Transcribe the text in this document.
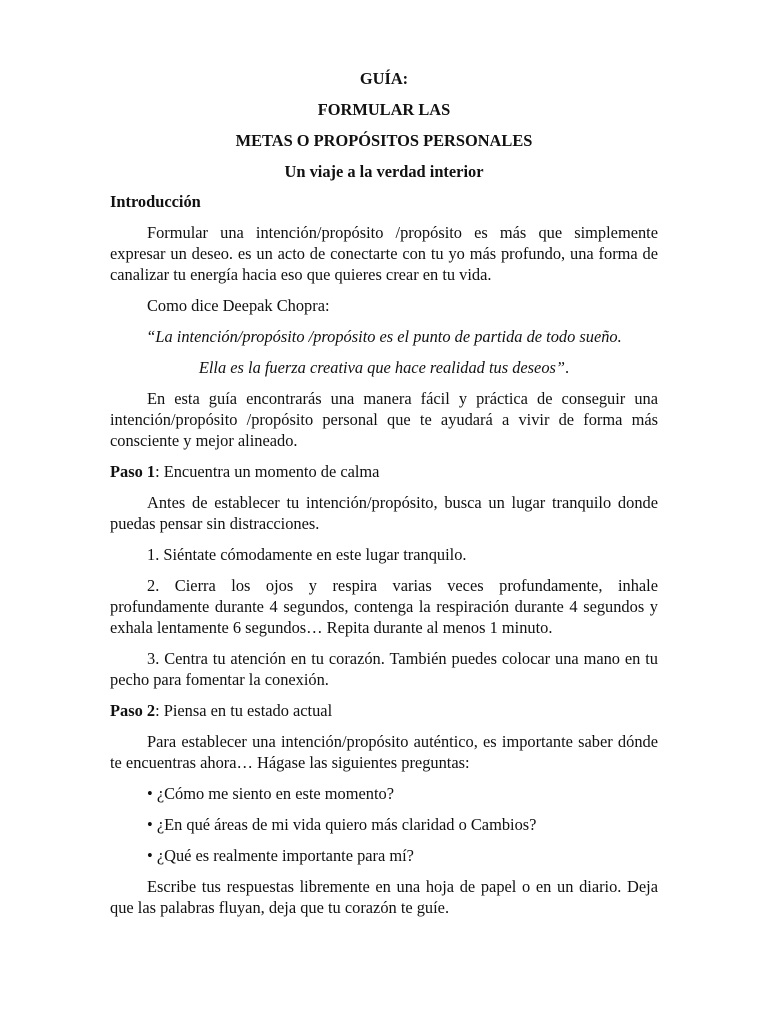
GUÍA:
FORMULAR LAS
METAS O PROPÓSITOS PERSONALES
Un viaje a la verdad interior

Introducción

Formular una intención/propósito /propósito es más que simplemente expresar un deseo. es un acto de conectarte con tu yo más profundo, una forma de canalizar tu energía hacia eso que quieres crear en tu vida.

Como dice Deepak Chopra:

“La intención/propósito /propósito es el punto de partida de todo sueño.

Ella es la fuerza creativa que hace realidad tus deseos”.

En esta guía encontrarás una manera fácil y práctica de conseguir una intención/propósito /propósito personal que te ayudará a vivir de forma más consciente y mejor alineado.

Paso 1: Encuentra un momento de calma

Antes de establecer tu intención/propósito, busca un lugar tranquilo donde puedas pensar sin distracciones.

1. Siéntate cómodamente en este lugar tranquilo.

2. Cierra los ojos y respira varias veces profundamente, inhale profundamente durante 4 segundos, contenga la respiración durante 4 segundos y exhala lentamente 6 segundos… Repita durante al menos 1 minuto.

3. Centra tu atención en tu corazón. También puedes colocar una mano en tu pecho para fomentar la conexión.

Paso 2: Piensa en tu estado actual

Para establecer una intención/propósito auténtico, es importante saber dónde te encuentras ahora… Hágase las siguientes preguntas:

• ¿Cómo me siento en este momento?

• ¿En qué áreas de mi vida quiero más claridad o Cambios?

• ¿Qué es realmente importante para mí?

Escribe tus respuestas libremente en una hoja de papel o en un diario. Deja que las palabras fluyan, deja que tu corazón te guíe.
